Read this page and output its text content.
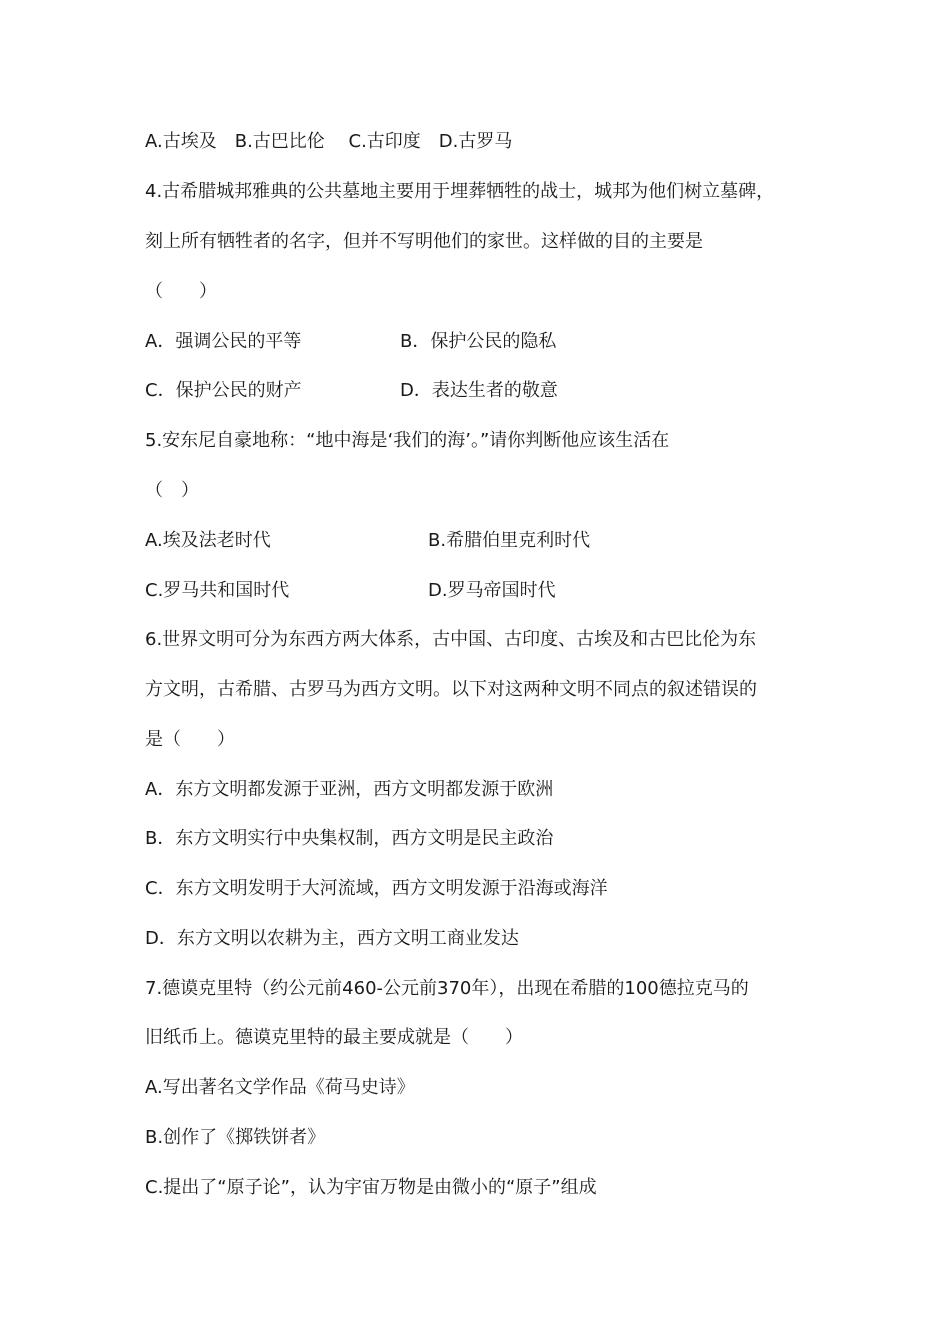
A.古埃及　B.古巴比伦　 C.古印度　D.古罗马
4.古希腊城邦雅典的公共墓地主要用于埋葬牺牲的战士，城邦为他们树立墓碑，
刻上所有牺牲者的名字，但并不写明他们的家世。这样做的目的主要是
（　　）
A．强调公民的平等	B．保护公民的隐私
C．保护公民的财产	D．表达生者的敬意
5.安东尼自豪地称：“地中海是‘我们的海’。”请你判断他应该生活在
（　）
A.埃及法老时代	B.希腊伯里克利时代
C.罗马共和国时代	D.罗马帝国时代
6.世界文明可分为东西方两大体系，古中国、古印度、古埃及和古巴比伦为东
方文明，古希腊、古罗马为西方文明。以下对这两种文明不同点的叙述错误的
是（　　）
A．东方文明都发源于亚洲，西方文明都发源于欧洲
B．东方文明实行中央集权制，西方文明是民主政治
C．东方文明发明于大河流域，西方文明发源于沿海或海洋
D．东方文明以农耕为主，西方文明工商业发达
7.德谟克里特（约公元前460-公元前370年），出现在希腊的100德拉克马的
旧纸币上。德谟克里特的最主要成就是（　　）
A.写出著名文学作品《荷马史诗》
B.创作了《掷铁饼者》
C.提出了“原子论”，认为宇宙万物是由微小的“原子”组成
